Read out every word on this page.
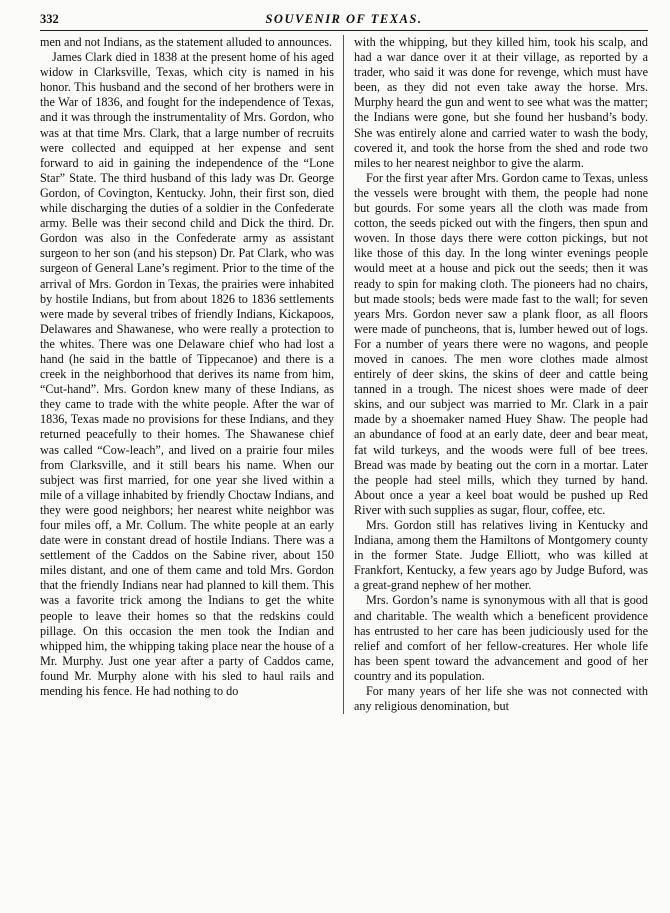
332	SOUVENIR OF TEXAS.

men and not Indians, as the statement alluded to announces.

James Clark died in 1838 at the present home of his aged widow in Clarksville, Texas, which city is named in his honor. This husband and the second of her brothers were in the War of 1836, and fought for the independence of Texas, and it was through the instrumentality of Mrs. Gordon, who was at that time Mrs. Clark, that a large number of recruits were collected and equipped at her expense and sent forward to aid in gaining the independence of the “Lone Star” State. The third husband of this lady was Dr. George Gordon, of Covington, Kentucky. John, their first son, died while discharging the duties of a soldier in the Confederate army. Belle was their second child and Dick the third. Dr. Gordon was also in the Confederate army as assistant surgeon to her son (and his stepson) Dr. Pat Clark, who was surgeon of General Lane’s regiment. Prior to the time of the arrival of Mrs. Gordon in Texas, the prairies were inhabited by hostile Indians, but from about 1826 to 1836 settlements were made by several tribes of friendly Indians, Kickapoos, Delawares and Shawanese, who were really a protection to the whites. There was one Delaware chief who had lost a hand (he said in the battle of Tippecanoe) and there is a creek in the neighborhood that derives its name from him, “Cut-hand”. Mrs. Gordon knew many of these Indians, as they came to trade with the white people. After the war of 1836, Texas made no provisions for these Indians, and they returned peacefully to their homes. The Shawanese chief was called “Cow-leach”, and lived on a prairie four miles from Clarksville, and it still bears his name. When our subject was first married, for one year she lived within a mile of a village inhabited by friendly Choctaw Indians, and they were good neighbors; her nearest white neighbor was four miles off, a Mr. Collum. The white people at an early date were in constant dread of hostile Indians. There was a settlement of the Caddos on the Sabine river, about 150 miles distant, and one of them came and told Mrs. Gordon that the friendly Indians near had planned to kill them. This was a favorite trick among the Indians to get the white people to leave their homes so that the redskins could pillage. On this occasion the men took the Indian and whipped him, the whipping taking place near the house of a Mr. Murphy. Just one year after a party of Caddos came, found Mr. Murphy alone with his sled to haul rails and mending his fence. He had nothing to do

with the whipping, but they killed him, took his scalp, and had a war dance over it at their village, as reported by a trader, who said it was done for revenge, which must have been, as they did not even take away the horse. Mrs. Murphy heard the gun and went to see what was the matter; the Indians were gone, but she found her husband’s body. She was entirely alone and carried water to wash the body, covered it, and took the horse from the shed and rode two miles to her nearest neighbor to give the alarm.

For the first year after Mrs. Gordon came to Texas, unless the vessels were brought with them, the people had none but gourds. For some years all the cloth was made from cotton, the seeds picked out with the fingers, then spun and woven. In those days there were cotton pickings, but not like those of this day. In the long winter evenings people would meet at a house and pick out the seeds; then it was ready to spin for making cloth. The pioneers had no chairs, but made stools; beds were made fast to the wall; for seven years Mrs. Gordon never saw a plank floor, as all floors were made of puncheons, that is, lumber hewed out of logs. For a number of years there were no wagons, and people moved in canoes. The men wore clothes made almost entirely of deer skins, the skins of deer and cattle being tanned in a trough. The nicest shoes were made of deer skins, and our subject was married to Mr. Clark in a pair made by a shoemaker named Huey Shaw. The people had an abundance of food at an early date, deer and bear meat, fat wild turkeys, and the woods were full of bee trees. Bread was made by beating out the corn in a mortar. Later the people had steel mills, which they turned by hand. About once a year a keel boat would be pushed up Red River with such supplies as sugar, flour, coffee, etc.

Mrs. Gordon still has relatives living in Kentucky and Indiana, among them the Hamiltons of Montgomery county in the former State. Judge Elliott, who was killed at Frankfort, Kentucky, a few years ago by Judge Buford, was a great-grand nephew of her mother.

Mrs. Gordon’s name is synonymous with all that is good and charitable. The wealth which a beneficent providence has entrusted to her care has been judiciously used for the relief and comfort of her fellow-creatures. Her whole life has been spent toward the advancement and good of her country and its population.

For many years of her life she was not connected with any religious denomination, but
